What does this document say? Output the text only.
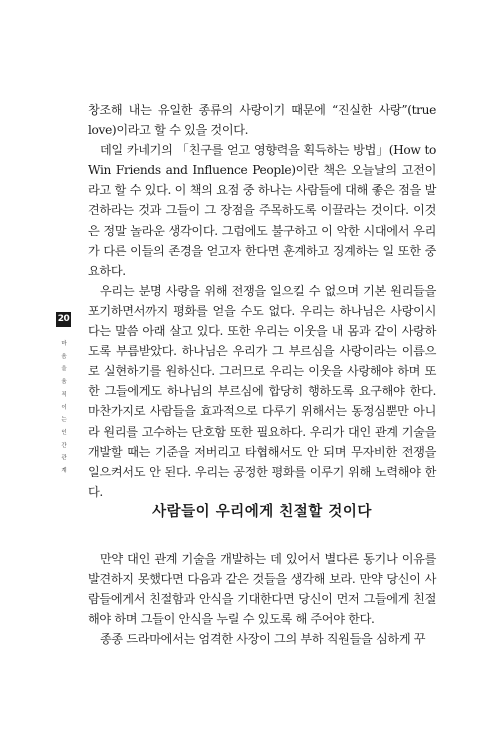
20

마음을움직이는인간관계

창조해 내는 유일한 종류의 사랑이기 때문에 “진실한 사랑”(true love)이라고 할 수 있을 것이다.

데일 카네기의 「친구를 얻고 영향력을 획득하는 방법」(How to Win Friends and Influence People)이란 책은 오늘날의 고전이라고 할 수 있다. 이 책의 요점 중 하나는 사람들에 대해 좋은 점을 발견하라는 것과 그들이 그 장점을 주목하도록 이끌라는 것이다. 이것은 정말 놀라운 생각이다. 그럼에도 불구하고 이 악한 시대에서 우리가 다른 이들의 존경을 얻고자 한다면 훈계하고 징계하는 일 또한 중요하다.

우리는 분명 사랑을 위해 전쟁을 일으킬 수 없으며 기본 원리들을 포기하면서까지 평화를 얻을 수도 없다. 우리는 하나님은 사랑이시다는 말씀 아래 살고 있다. 또한 우리는 이웃을 내 몸과 같이 사랑하도록 부름받았다. 하나님은 우리가 그 부르심을 사랑이라는 이름으로 실현하기를 원하신다. 그러므로 우리는 이웃을 사랑해야 하며 또한 그들에게도 하나님의 부르심에 합당히 행하도록 요구해야 한다. 마찬가지로 사람들을 효과적으로 다루기 위해서는 동정심뿐만 아니라 원리를 고수하는 단호함 또한 필요하다. 우리가 대인 관계 기술을 개발할 때는 기준을 저버리고 타협해서도 안 되며 무자비한 전쟁을 일으켜서도 안 된다. 우리는 공정한 평화를 이루기 위해 노력해야 한다.

사람들이 우리에게 친절할 것이다

만약 대인 관계 기술을 개발하는 데 있어서 별다른 동기나 이유를 발견하지 못했다면 다음과 같은 것들을 생각해 보라. 만약 당신이 사람들에게서 친절함과 안식을 기대한다면 당신이 먼저 그들에게 친절해야 하며 그들이 안식을 누릴 수 있도록 해 주어야 한다.

종종 드라마에서는 엄격한 사장이 그의 부하 직원들을 심하게 꾸
